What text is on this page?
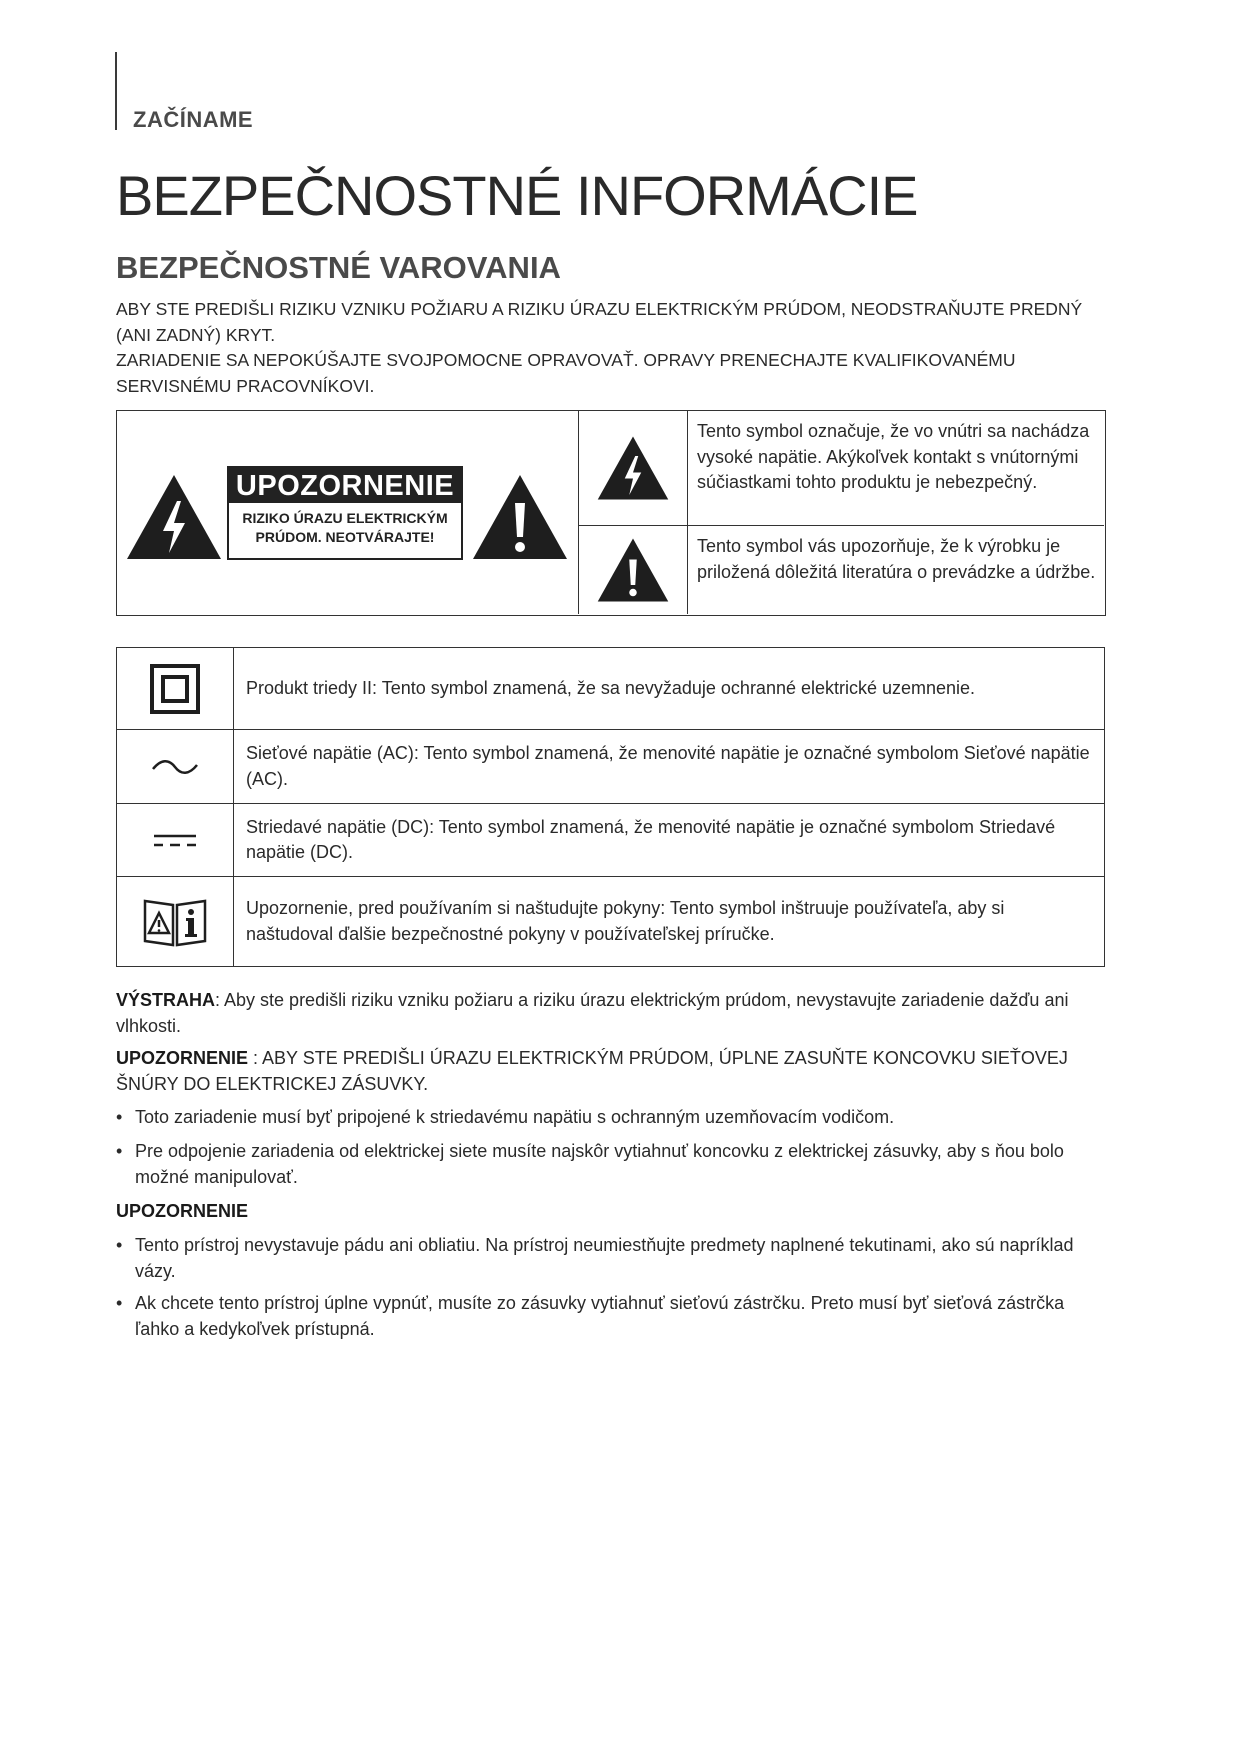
ZAČÍNAME
BEZPEČNOSTNÉ INFORMÁCIE
BEZPEČNOSTNÉ VAROVANIA

ABY STE PREDIŠLI RIZIKU VZNIKU POŽIARU A RIZIKU ÚRAZU ELEKTRICKÝM PRÚDOM, NEODSTRAŇUJTE PREDNÝ (ANI ZADNÝ) KRYT.

ZARIADENIE SA NEPOKÚŠAJTE SVOJPOMOCNE OPRAVOVAŤ. OPRAVY PRENECHAJTE KVALIFIKOVANÉMU SERVISNÉMU PRACOVNÍKOVI.

UPOZORNENIE
RIZIKO ÚRAZU ELEKTRICKÝM
PRÚDOM. NEOTVÁRAJTE!
Tento symbol označuje, že vo vnútri sa nachádza vysoké napätie. Akýkoľvek kontakt s vnútornými súčiastkami tohto produktu je nebezpečný.
Tento symbol vás upozorňuje, že k výrobku je priložená dôležitá literatúra o prevádzke a údržbe.
Produkt triedy II: Tento symbol znamená, že sa nevyžaduje ochranné elektrické uzemnenie.
Sieťové napätie (AC): Tento symbol znamená, že menovité napätie je označné symbolom Sieťové napätie (AC).
Striedavé napätie (DC): Tento symbol znamená, že menovité napätie je označné symbolom Striedavé napätie (DC).
Upozornenie, pred používaním si naštudujte pokyny: Tento symbol inštruuje používateľa, aby si naštudoval ďalšie bezpečnostné pokyny v používateľskej príručke.
VÝSTRAHA: Aby ste predišli riziku vzniku požiaru a riziku úrazu elektrickým prúdom, nevystavujte zariadenie dažďu ani vlhkosti.
UPOZORNENIE : ABY STE PREDIŠLI ÚRAZU ELEKTRICKÝM PRÚDOM, ÚPLNE ZASUŇTE KONCOVKU SIEŤOVEJ ŠNÚRY DO ELEKTRICKEJ ZÁSUVKY.
• Toto zariadenie musí byť pripojené k striedavému napätiu s ochranným uzemňovacím vodičom.
• Pre odpojenie zariadenia od elektrickej siete musíte najskôr vytiahnuť koncovku z elektrickej zásuvky, aby s ňou bolo možné manipulovať.
UPOZORNENIE
• Tento prístroj nevystavuje pádu ani obliatiu. Na prístroj neumiestňujte predmety naplnené tekutinami, ako sú napríklad vázy.
• Ak chcete tento prístroj úplne vypnúť, musíte zo zásuvky vytiahnuť sieťovú zástrčku. Preto musí byť sieťová zástrčka ľahko a kedykoľvek prístupná.
